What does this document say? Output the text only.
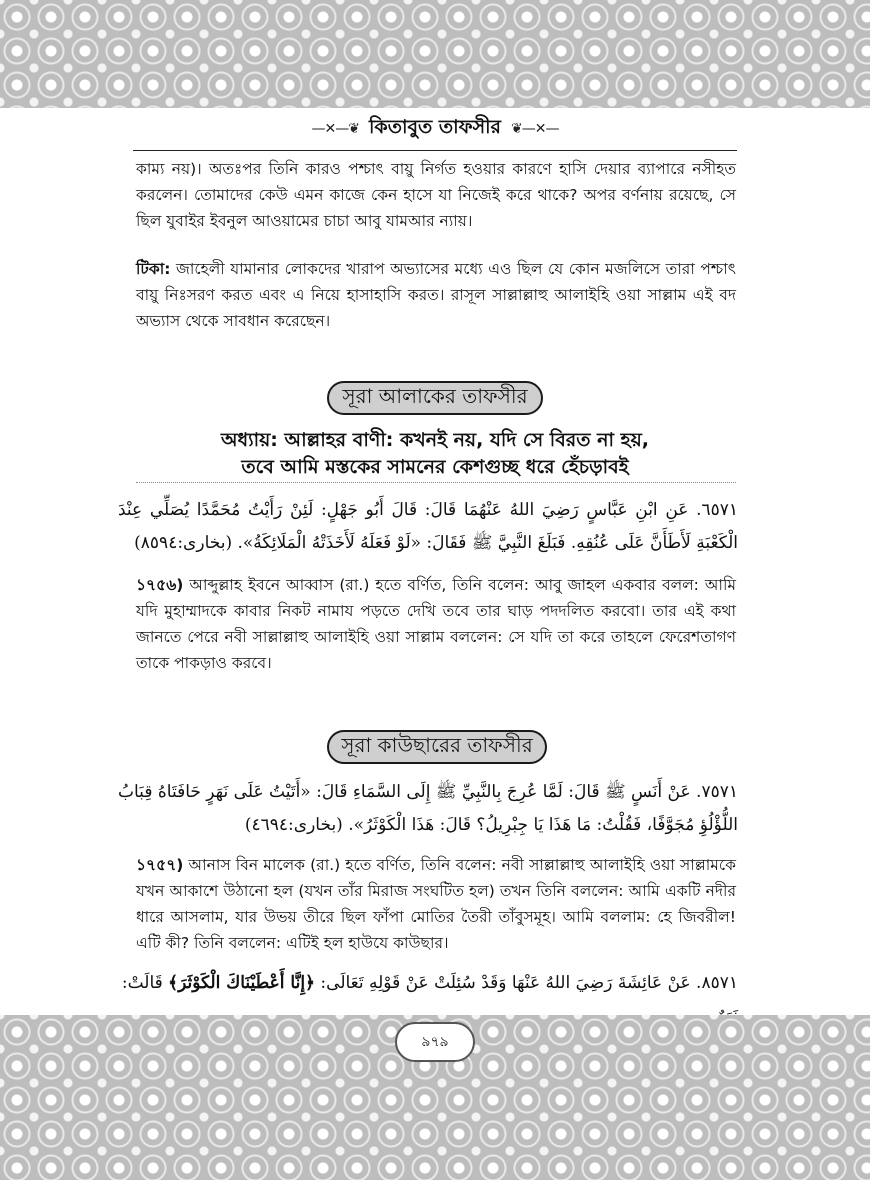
—✕—❦ কিতাবুত তাফসীর ❦—✕—

কাম্য নয়)। অতঃপর তিনি কারও পশ্চাৎ বায়ু নির্গত হওয়ার কারণে হাসি দেয়ার ব্যাপারে নসীহত করলেন। তোমাদের কেউ এমন কাজে কেন হাসে যা নিজেই করে থাকে? অপর বর্ণনায় রয়েছে, সে ছিল যুবাইর ইবনুল আওয়ামের চাচা আবু যামআর ন্যায়।

টিকা: জাহেলী যামানার লোকদের খারাপ অভ্যাসের মধ্যে এও ছিল যে কোন মজলিসে তারা পশ্চাৎ বায়ু নিঃসরণ করত এবং এ নিয়ে হাসাহাসি করত। রাসূল সাল্লাল্লাহু আলাইহি ওয়া সাল্লাম এই বদ অভ্যাস থেকে সাবধান করেছেন।

সূরা আলাকের তাফসীর

অধ্যায়: আল্লাহর বাণী: কখনই নয়, যদি সে বিরত না হয়,

তবে আমি মস্তকের সামনের কেশগুচ্ছ ধরে হেঁচড়াবই

٦٥٧١. عَنِ ابْنِ عَبَّاسٍ رَضِيَ اللهُ عَنْهُمَا قَالَ: قَالَ أَبُو جَهْلٍ: لَئِنْ رَأَيْتُ مُحَمَّدًا يُصَلِّي عِنْدَ الْكَعْبَةِ لَأَطَأَنَّ عَلَى عُنُقِهِ. فَبَلَغَ النَّبِيَّ ﷺ فَقَالَ: «لَوْ فَعَلَهُ لَأَخَذَتْهُ الْمَلَائِكَةُ». (بخارى:٨٥٩٤)

১৭৫৬) আব্দুল্লাহ ইবনে আব্বাস (রা.) হতে বর্ণিত, তিনি বলেন: আবু জাহল একবার বলল: আমি যদি মুহাম্মাদকে কাবার নিকট নামায পড়তে দেখি তবে তার ঘাড় পদদলিত করবো। তার এই কথা জানতে পেরে নবী সাল্লাল্লাহু আলাইহি ওয়া সাল্লাম বললেন: সে যদি তা করে তাহলে ফেরেশতাগণ তাকে পাকড়াও করবে।

সূরা কাউছারের তাফসীর

٧٥٧١. عَنْ أَنَسٍ ﷺ قَالَ: لَمَّا عُرِجَ بِالنَّبِيِّ ﷺ إِلَى السَّمَاءِ قَالَ: «أَتَيْتُ عَلَى نَهَرٍ حَافَتَاهُ قِبَابُ اللُّؤْلُؤِ مُجَوَّفًا، فَقُلْتُ: مَا هَذَا يَا جِبْرِيلُ؟ قَالَ: هَذَا الْكَوْثَرُ». (بخارى:٤٦٩٤)

১৭৫৭) আনাস বিন মালেক (রা.) হতে বর্ণিত, তিনি বলেন: নবী সাল্লাল্লাহু আলাইহি ওয়া সাল্লামকে যখন আকাশে উঠানো হল (যখন তাঁর মিরাজ সংঘটিত হল) তখন তিনি বললেন: আমি একটি নদীর ধারে আসলাম, যার উভয় তীরে ছিল ফাঁপা মোতির তৈরী তাঁবুসমূহ। আমি বললাম: হে জিবরীল! এটি কী? তিনি বললেন: এটিই হল হাউযে কাউছার।

٨٥٧١. عَنْ عَائِشَةَ رَضِيَ اللهُ عَنْهَا وَقَدْ سُئِلَتْ عَنْ قَوْلِهِ تَعَالَى: ﴿إِنَّا أَعْطَيْنَاكَ الْكَوْثَرَ﴾ قَالَتْ:

৯৭৯
